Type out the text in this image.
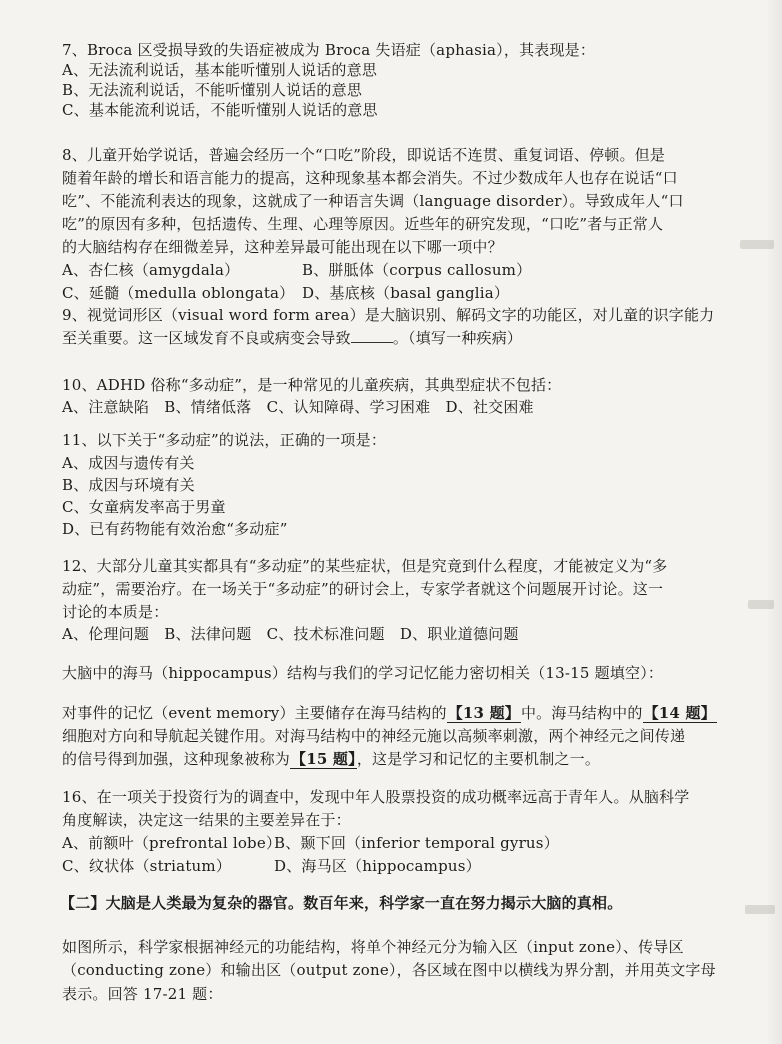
7、Broca 区受损导致的失语症被成为 Broca 失语症（aphasia），其表现是：
A、无法流利说话，基本能听懂别人说话的意思
B、无法流利说话，不能听懂别人说话的意思
C、基本能流利说话，不能听懂别人说话的意思
8、儿童开始学说话，普遍会经历一个“口吃”阶段，即说话不连贯、重复词语、停顿。但是
随着年龄的增长和语言能力的提高，这种现象基本都会消失。不过少数成年人也存在说话“口
吃”、不能流利表达的现象，这就成了一种语言失调（language disorder）。导致成年人“口
吃”的原因有多种，包括遗传、生理、心理等原因。近些年的研究发现，“口吃”者与正常人
的大脑结构存在细微差异，这种差异最可能出现在以下哪一项中？
A、杏仁核（amygdala）	B、胼胝体（corpus callosum）
C、延髓（medulla oblongata） D、基底核（basal ganglia）
9、视觉词形区（visual word form area）是大脑识别、解码文字的功能区，对儿童的识字能力
至关重要。这一区域发育不良或病变会导致	。（填写一种疾病）
10、ADHD 俗称“多动症”，是一种常见的儿童疾病，其典型症状不包括：
A、注意缺陷　B、情绪低落　C、认知障碍、学习困难　D、社交困难
11、以下关于“多动症”的说法，正确的一项是：
A、成因与遗传有关
B、成因与环境有关
C、女童病发率高于男童
D、已有药物能有效治愈“多动症”
12、大部分儿童其实都具有“多动症”的某些症状，但是究竟到什么程度，才能被定义为“多
动症”，需要治疗。在一场关于“多动症”的研讨会上，专家学者就这个问题展开讨论。这一
讨论的本质是：
A、伦理问题　B、法律问题　C、技术标准问题　D、职业道德问题
大脑中的海马（hippocampus）结构与我们的学习记忆能力密切相关（13-15 题填空）：
对事件的记忆（event memory）主要储存在海马结构的【13 题】中。海马结构中的【14 题】
细胞对方向和导航起关键作用。对海马结构中的神经元施以高频率刺激，两个神经元之间传递
的信号得到加强，这种现象被称为【15 题】，这是学习和记忆的主要机制之一。
16、在一项关于投资行为的调查中，发现中年人股票投资的成功概率远高于青年人。从脑科学
角度解读，决定这一结果的主要差异在于：
A、前额叶（prefrontal lobe）
B、颞下回（inferior temporal gyrus）
C、纹状体（striatum）	D、海马区（hippocampus）
【二】大脑是人类最为复杂的器官。数百年来，科学家一直在努力揭示大脑的真相。
如图所示，科学家根据神经元的功能结构，将单个神经元分为输入区（input zone）、传导区
（conducting zone）和输出区（output zone），各区域在图中以横线为界分割，并用英文字母
表示。回答 17-21 题：
